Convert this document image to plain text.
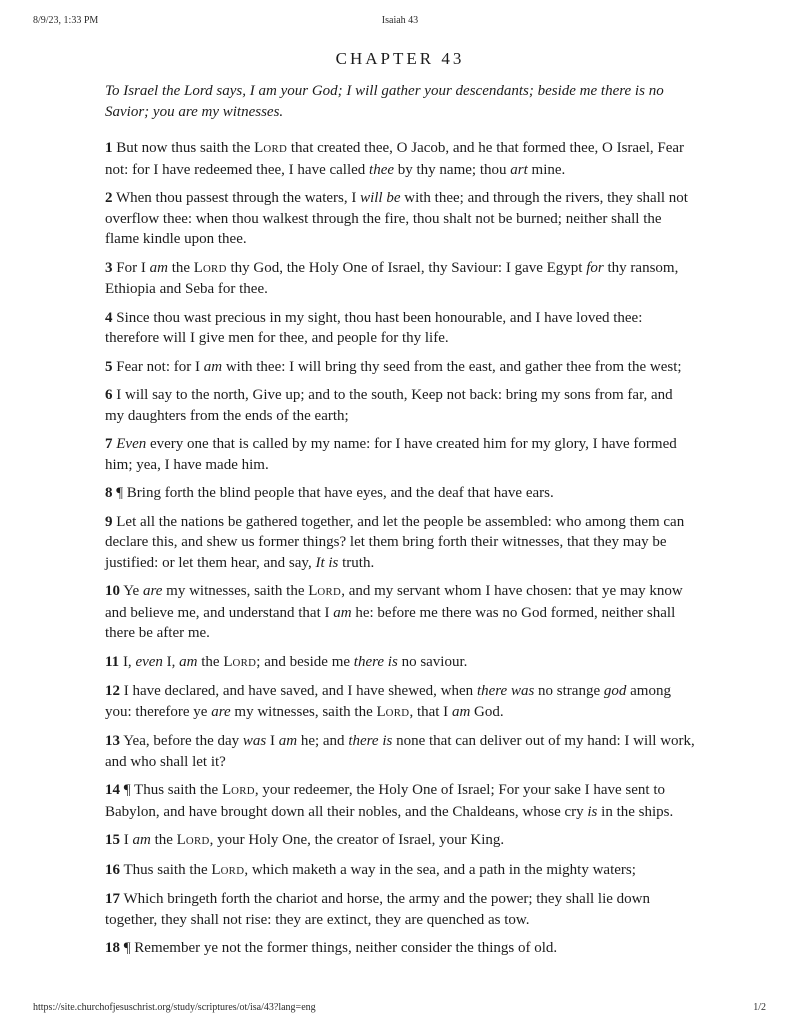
8/9/23, 1:33 PM	Isaiah 43
CHAPTER 43

To Israel the Lord says, I am your God; I will gather your descendants; beside me there is no Savior; you are my witnesses.

1 But now thus saith the LORD that created thee, O Jacob, and he that formed thee, O Israel, Fear not: for I have redeemed thee, I have called thee by thy name; thou art mine.

2 When thou passest through the waters, I will be with thee; and through the rivers, they shall not overflow thee: when thou walkest through the fire, thou shalt not be burned; neither shall the flame kindle upon thee.

3 For I am the LORD thy God, the Holy One of Israel, thy Saviour: I gave Egypt for thy ransom, Ethiopia and Seba for thee.

4 Since thou wast precious in my sight, thou hast been honourable, and I have loved thee: therefore will I give men for thee, and people for thy life.

5 Fear not: for I am with thee: I will bring thy seed from the east, and gather thee from the west;

6 I will say to the north, Give up; and to the south, Keep not back: bring my sons from far, and my daughters from the ends of the earth;

7 Even every one that is called by my name: for I have created him for my glory, I have formed him; yea, I have made him.

8 ¶ Bring forth the blind people that have eyes, and the deaf that have ears.

9 Let all the nations be gathered together, and let the people be assembled: who among them can declare this, and shew us former things? let them bring forth their witnesses, that they may be justified: or let them hear, and say, It is truth.

10 Ye are my witnesses, saith the LORD, and my servant whom I have chosen: that ye may know and believe me, and understand that I am he: before me there was no God formed, neither shall there be after me.

11 I, even I, am the LORD; and beside me there is no saviour.

12 I have declared, and have saved, and I have shewed, when there was no strange god among you: therefore ye are my witnesses, saith the LORD, that I am God.

13 Yea, before the day was I am he; and there is none that can deliver out of my hand: I will work, and who shall let it?

14 ¶ Thus saith the LORD, your redeemer, the Holy One of Israel; For your sake I have sent to Babylon, and have brought down all their nobles, and the Chaldeans, whose cry is in the ships.

15 I am the LORD, your Holy One, the creator of Israel, your King.

16 Thus saith the LORD, which maketh a way in the sea, and a path in the mighty waters;

17 Which bringeth forth the chariot and horse, the army and the power; they shall lie down together, they shall not rise: they are extinct, they are quenched as tow.

18 ¶ Remember ye not the former things, neither consider the things of old.

https://site.churchofjesuschrist.org/study/scriptures/ot/isa/43?lang=eng	1/2
